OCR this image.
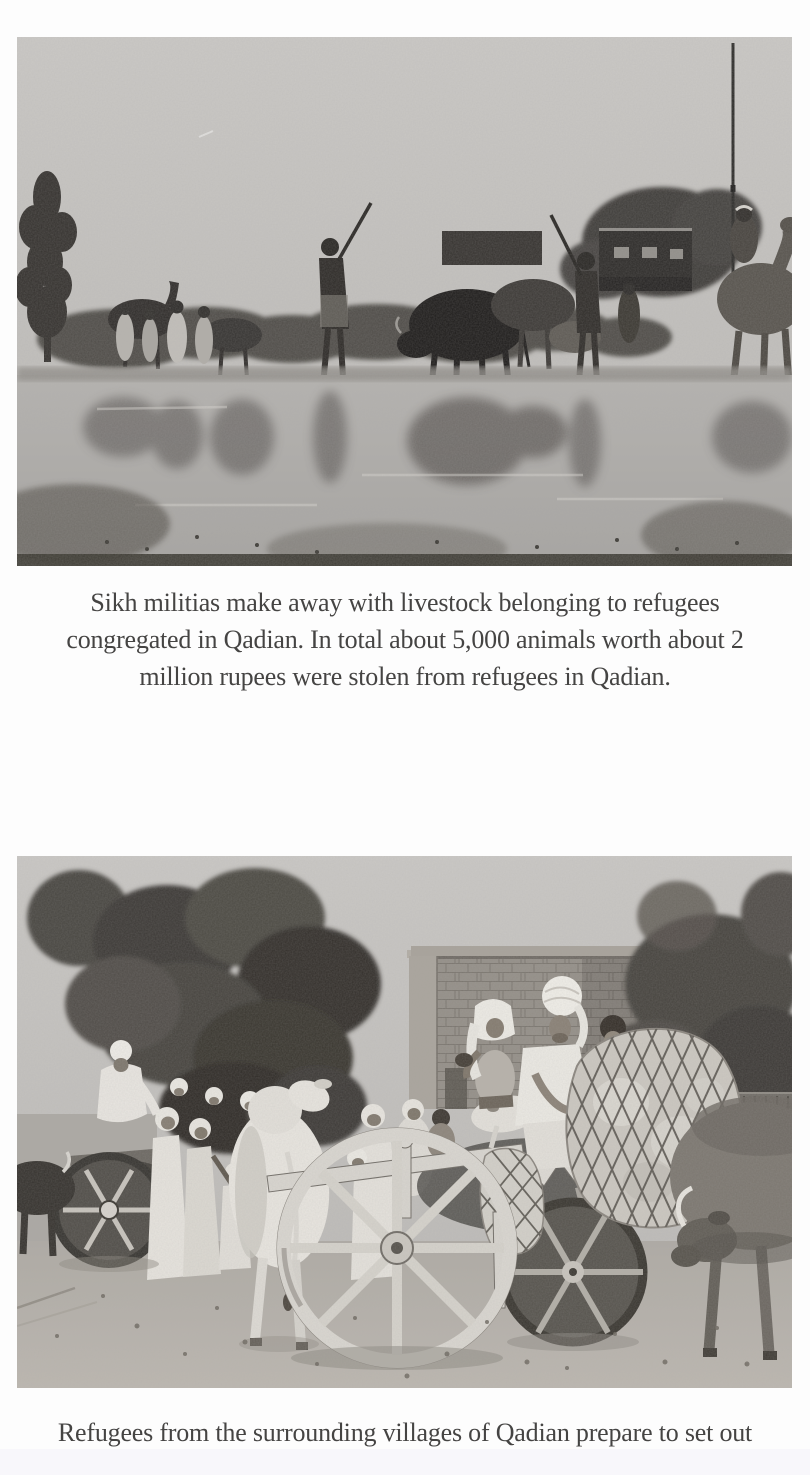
Sikh militias make away with livestock belonging to refugees
congregated in Qadian. In total about 5,000 animals worth about 2
million rupees were stolen from refugees in Qadian.

Refugees from the surrounding villages of Qadian prepare to set out
